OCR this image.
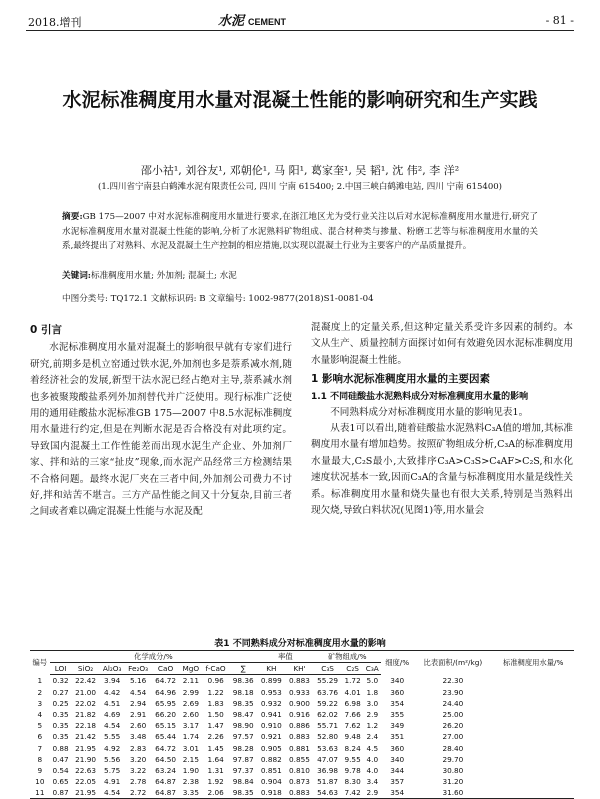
2018.增刊	水泥 CEMENT	- 81 -
水泥标准稠度用水量对混凝土性能的影响研究和生产实践
邵小祜¹, 刘谷友¹, 邓朝伦¹, 马 阳¹, 葛家奎¹, 吴 韬¹, 沈 伟², 李 洋²
(1.四川省宁南县白鹤滩水泥有限责任公司, 四川 宁南 615400; 2.中国三峡白鹤滩电站, 四川 宁南 615400)
摘要:GB 175—2007 中对水泥标准稠度用水量进行要求,在浙江地区尤为受行业关注以后对水泥标准稠度用水量进行,研究了水泥标准稠度用水量对混凝土性能的影响,分析了水泥熟料矿物组成、混合材种类与掺量、粉磨工艺等与标准稠度用水量的关系,最终提出了对熟料、水泥及混凝土生产控制的相应措施,以实现以混凝土行业为主要客户的产品质量提升。
关键词:标准稠度用水量; 外加剂; 混凝土; 水泥
中图分类号: TQ172.1 文献标识码: B 文章编号: 1002-9877(2018)S1-0081-04
0 引言

水泥标准稠度用水量对混凝土的影响很早就有专家们进行研究,前期多是机立窑通过铁水泥,外加剂也多是萘系减水剂,随着经济社会的发展,新型干法水泥已经占绝对主导,萘系减水剂也多被聚羧酸盐系列外加剂替代并广泛使用。现行标准广泛使用的通用硅酸盐水泥标准GB 175—2007 中8.5水泥标准稠度用水量进行约定,但是在判断水泥是否合格没有对此项约定。导致国内混凝土工作性能差而出现水泥生产企业、外加剂厂家、拌和站的三家“扯皮”现象,而水泥产品经常三方检测结果不合格问题。最终水泥厂夹在三者中间,外加剂公司费力不讨好,拌和站苦不堪言。三方产品性能之间又十分复杂,目前三者之间或者难以确定混凝土性能与水泥及配

混凝度上的定量关系,但这种定量关系受许多因素的制约。本文从生产、质量控制方面探讨如何有效避免因水泥标准稠度用水量影响混凝土性能。

1 影响水泥标准稠度用水量的主要因素
1.1 不同硅酸盐水泥熟料成分对标准稠度用水量的影响

不同熟料成分对标准稠度用水量的影响见表1。

从表1可以看出,随着硅酸盐水泥熟料C₃A值的增加,其标准稠度用水量有增加趋势。按照矿物组成分析,C₃A的标准稠度用水量最大,C₂S最小,大致排序C₃A>C₃S>C₄AF>C₂S,和水化速度状况基本一致,因而C₃A的含量与标准稠度用水量是线性关系。标准稠度用水量和烧失量也有很大关系,特别是当熟料出现欠烧,导致白料状况(见图1)等,用水量会

表1 不同熟料成分对标准稠度用水量的影响
编号	化学成分/%								率值		矿物组成/%			细度/%	比表面积/(m²/kg)	标准稠度用水量/%
	LOI	SiO₂	Al₂O₃	Fe₂O₃	CaO	MgO	f-CaO	∑	KH	KH'	C₃S	C₂S	C₃A			
1	0.32	22.42	3.94	5.16	64.72	2.11	0.96	98.36	0.899	0.883	55.29	1.72	5.0	340	22.30	
2	0.27	21.00	4.42	4.54	64.96	2.99	1.22	98.18	0.953	0.933	63.76	4.01	1.8	360	23.90	
3	0.25	22.02	4.51	2.94	65.95	2.69	1.83	98.35	0.932	0.900	59.22	6.98	3.0	354	24.40	
4	0.35	21.82	4.69	2.91	66.20	2.60	1.50	98.47	0.941	0.916	62.02	7.66	2.9	355	25.00	
5	0.35	22.18	4.54	2.60	65.15	3.17	1.47	98.90	0.910	0.886	55.71	7.62	1.2	349	26.20	
6	0.35	21.42	5.55	3.48	65.44	1.74	2.26	97.57	0.921	0.883	52.80	9.48	2.4	351	27.00	
7	0.88	21.95	4.92	2.83	64.72	3.01	1.45	98.28	0.905	0.881	53.63	8.24	4.5	360	28.40	
8	0.47	21.90	5.56	3.20	64.50	2.15	1.64	97.87	0.882	0.855	47.07	9.55	4.0	340	29.70	
9	0.54	22.63	5.75	3.22	63.24	1.90	1.31	97.37	0.851	0.810	36.98	9.78	4.0	344	30.80	
10	0.65	22.05	4.91	2.78	64.87	2.38	1.92	98.84	0.904	0.873	51.87	8.30	3.4	357	31.20	
11	0.87	21.95	4.54	2.72	64.87	3.35	2.06	98.35	0.918	0.883	54.63	7.42	2.9	354	31.60	
